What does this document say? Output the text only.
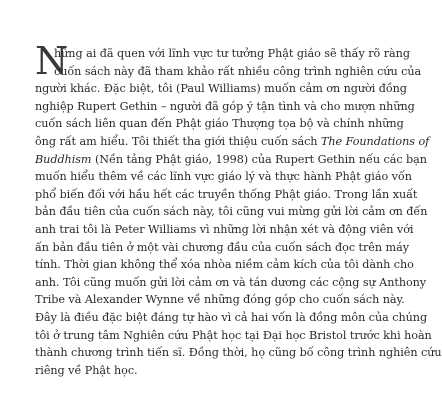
N
hững ai đã quen với lĩnh vực tư tưởng Phật giáo sẽ thấy rõ ràng
cuốn sách này đã tham khảo rất nhiều công trình nghiên cứu của
người khác. Đặc biệt, tôi (Paul Williams) muốn cảm ơn người đồng
nghiệp Rupert Gethin – người đã góp ý tận tình và cho mượn những
cuốn sách liên quan đến Phật giáo Thượng tọa bộ và chính những
ông rất am hiểu. Tôi thiết tha giới thiệu cuốn sách The Foundations of
Buddhism (Nền tảng Phật giáo, 1998) của Rupert Gethin nếu các bạn
muốn hiểu thêm về các lĩnh vực giáo lý và thực hành Phật giáo vốn
phổ biến đối với hầu hết các truyền thống Phật giáo. Trong lần xuất
bản đầu tiên của cuốn sách này, tôi cũng vui mừng gửi lời cảm ơn đến
anh trai tôi là Peter Williams vì những lời nhận xét và động viên với
ấn bản đầu tiên ở một vài chương đầu của cuốn sách đọc trên máy
tính. Thời gian không thể xóa nhòa niềm cảm kích của tôi dành cho
anh. Tôi cũng muốn gửi lời cảm ơn và tán dương các cộng sự Anthony
Tribe và Alexander Wynne về những đóng góp cho cuốn sách này.
Đây là điều đặc biệt đáng tự hào vì cả hai vốn là đồng môn của chúng
tôi ở trung tâm Nghiên cứu Phật học tại Đại học Bristol trước khi hoàn
thành chương trình tiến sĩ. Đồng thời, họ cũng bố công trình nghiên cứu
riêng về Phật học.
